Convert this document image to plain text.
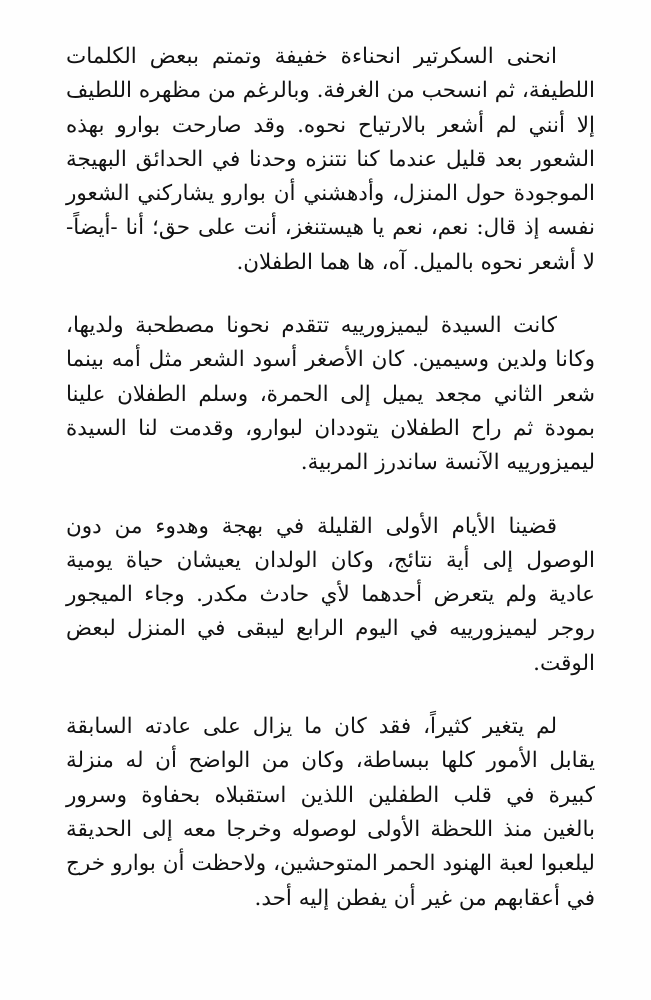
انحنى السكرتير انحناءة خفيفة وتمتم ببعض الكلمات اللطيفة، ثم انسحب من الغرفة. وبالرغم من مظهره اللطيف إلا أنني لم أشعر بالارتياح نحوه. وقد صارحت بوارو بهذه الشعور بعد قليل عندما كنا نتنزه وحدنا في الحدائق البهيجة الموجودة حول المنزل، وأدهشني أن بوارو يشاركني الشعور نفسه إذ قال: نعم، نعم يا هيستنغز، أنت على حق؛ أنا -أيضاً- لا أشعر نحوه بالميل. آه، ها هما الطفلان.

كانت السيدة ليميزورييه تتقدم نحونا مصطحبة ولديها، وكانا ولدين وسيمين. كان الأصغر أسود الشعر مثل أمه بينما شعر الثاني مجعد يميل إلى الحمرة، وسلم الطفلان علينا بمودة ثم راح الطفلان يتوددان لبوارو، وقدمت لنا السيدة ليميزورييه الآنسة ساندرز المربية.

قضينا الأيام الأولى القليلة في بهجة وهدوء من دون الوصول إلى أية نتائج، وكان الولدان يعيشان حياة يومية عادية ولم يتعرض أحدهما لأي حادث مكدر. وجاء الميجور روجر ليميزورييه في اليوم الرابع ليبقى في المنزل لبعض الوقت.

لم يتغير كثيراً، فقد كان ما يزال على عادته السابقة يقابل الأمور كلها ببساطة، وكان من الواضح أن له منزلة كبيرة في قلب الطفلين اللذين استقبلاه بحفاوة وسرور بالغين منذ اللحظة الأولى لوصوله وخرجا معه إلى الحديقة ليلعبوا لعبة الهنود الحمر المتوحشين، ولاحظت أن بوارو خرج في أعقابهم من غير أن يفطن إليه أحد.
